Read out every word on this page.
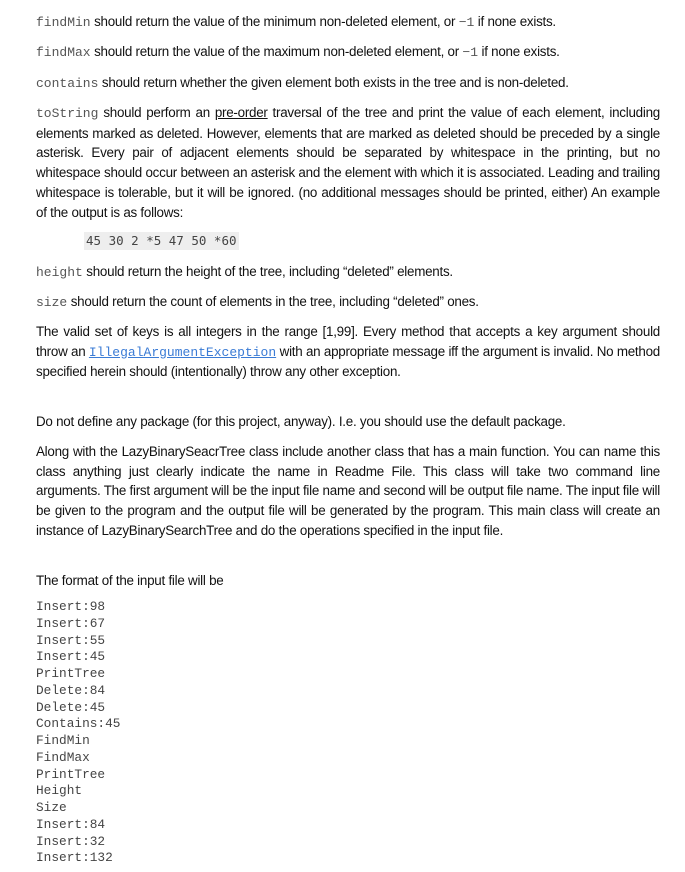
findMin should return the value of the minimum non-deleted element, or −1 if none exists.

findMax should return the value of the maximum non-deleted element, or −1 if none exists.

contains should return whether the given element both exists in the tree and is non-deleted.

toString should perform an pre-order traversal of the tree and print the value of each element, including elements marked as deleted. However, elements that are marked as deleted should be preceded by a single asterisk. Every pair of adjacent elements should be separated by whitespace in the printing, but no whitespace should occur between an asterisk and the element with which it is associated. Leading and trailing whitespace is tolerable, but it will be ignored. (no additional messages should be printed, either) An example of the output is as follows:

45 30 2 *5 47 50 *60

height should return the height of the tree, including “deleted” elements.

size should return the count of elements in the tree, including “deleted” ones.

The valid set of keys is all integers in the range [1,99]. Every method that accepts a key argument should throw an IllegalArgumentException with an appropriate message iff the argument is invalid. No method specified herein should (intentionally) throw any other exception.

Do not define any package (for this project, anyway). I.e. you should use the default package.

Along with the LazyBinarySeacrTree class include another class that has a main function. You can name this class anything just clearly indicate the name in Readme File. This class will take two command line arguments. The first argument will be the input file name and second will be output file name. The input file will be given to the program and the output file will be generated by the program. This main class will create an instance of LazyBinarySearchTree and do the operations specified in the input file.

The format of the input file will be

Insert:98
Insert:67
Insert:55
Insert:45
PrintTree
Delete:84
Delete:45
Contains:45
FindMin
FindMax
PrintTree
Height
Size
Insert:84
Insert:32
Insert:132
